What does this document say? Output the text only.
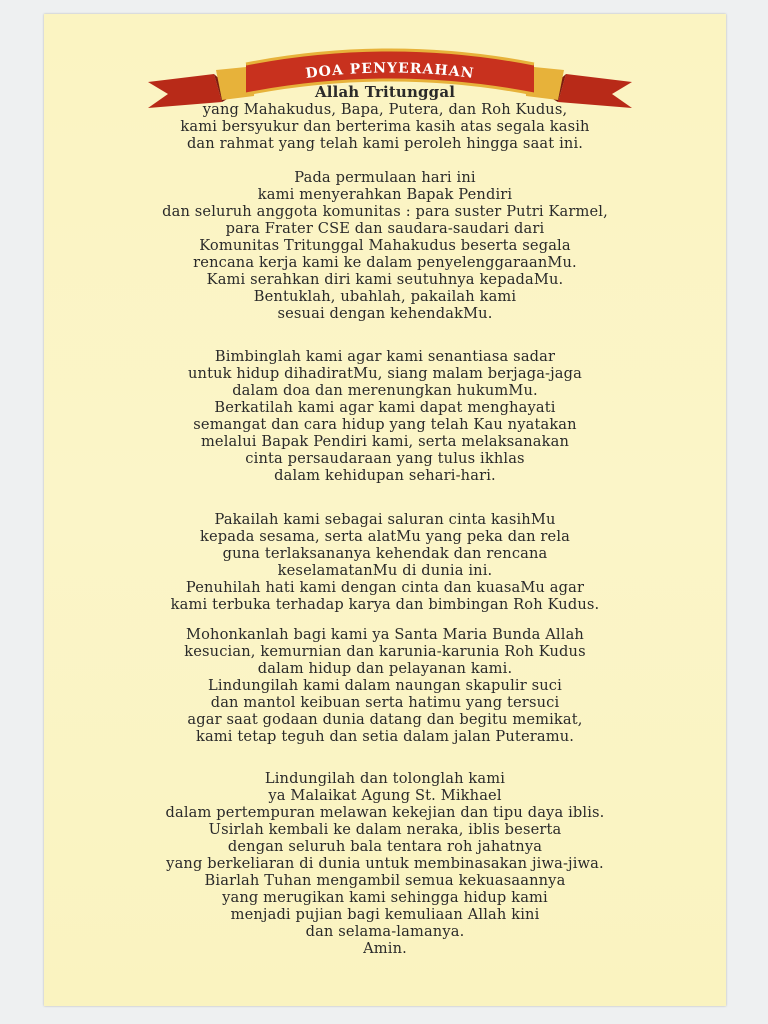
DOA PENYERAHAN
Allah Tritunggal
yang Mahakudus, Bapa, Putera, dan Roh Kudus,
kami bersyukur dan berterima kasih atas segala kasih
dan rahmat yang telah kami peroleh hingga saat ini.
Pada permulaan hari ini
kami menyerahkan Bapak Pendiri
dan seluruh anggota komunitas : para suster Putri Karmel,
para Frater CSE dan saudara-saudari dari
Komunitas Tritunggal Mahakudus beserta segala
rencana kerja kami ke dalam penyelenggaraanMu.
Kami serahkan diri kami seutuhnya kepadaMu.
Bentuklah, ubahlah, pakailah kami
sesuai dengan kehendakMu.
Bimbinglah kami agar kami senantiasa sadar
untuk hidup dihadiratMu, siang malam berjaga-jaga
dalam doa dan merenungkan hukumMu.
Berkatilah kami agar kami dapat menghayati
semangat dan cara hidup yang telah Kau nyatakan
melalui Bapak Pendiri kami, serta melaksanakan
cinta persaudaraan yang tulus ikhlas
dalam kehidupan sehari-hari.
Pakailah kami sebagai saluran cinta kasihMu
kepada sesama, serta alatMu yang peka dan rela
guna terlaksananya kehendak dan rencana
keselamatanMu di dunia ini.
Penuhilah hati kami dengan cinta dan kuasaMu agar
kami terbuka terhadap karya dan bimbingan Roh Kudus.
Mohonkanlah bagi kami ya Santa Maria Bunda Allah
kesucian, kemurnian dan karunia-karunia Roh Kudus
dalam hidup dan pelayanan kami.
Lindungilah kami dalam naungan skapulir suci
dan mantol keibuan serta hatimu yang tersuci
agar saat godaan dunia datang dan begitu memikat,
kami tetap teguh dan setia dalam jalan Puteramu.
Lindungilah dan tolonglah kami
ya Malaikat Agung St. Mikhael
dalam pertempuran melawan kekejian dan tipu daya iblis.
Usirlah kembali ke dalam neraka, iblis beserta
dengan seluruh bala tentara roh jahatnya
yang berkeliaran di dunia untuk membinasakan jiwa-jiwa.
Biarlah Tuhan mengambil semua kekuasaannya
yang merugikan kami sehingga hidup kami
menjadi pujian bagi kemuliaan Allah kini
dan selama-lamanya.
Amin.
